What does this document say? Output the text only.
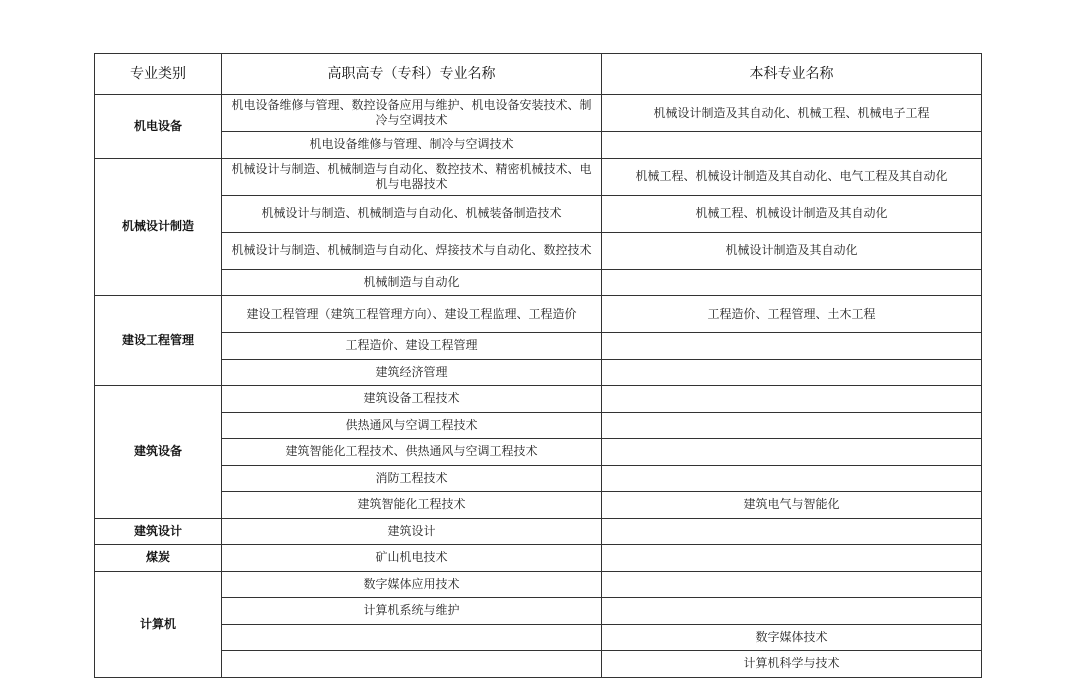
专业类别	高职高专（专科）专业名称	本科专业名称
机电设备	机电设备维修与管理、数控设备应用与维护、机电设备安装技术、制冷与空调技术	机械设计制造及其自动化、机械工程、机械电子工程
	机电设备维修与管理、制冷与空调技术	
机械设计制造	机械设计与制造、机械制造与自动化、数控技术、精密机械技术、电机与电器技术	机械工程、机械设计制造及其自动化、电气工程及其自动化
	机械设计与制造、机械制造与自动化、机械装备制造技术	机械工程、机械设计制造及其自动化
	机械设计与制造、机械制造与自动化、焊接技术与自动化、数控技术	机械设计制造及其自动化
	机械制造与自动化	
建设工程管理	建设工程管理（建筑工程管理方向）、建设工程监理、工程造价	工程造价、工程管理、土木工程
	工程造价、建设工程管理	
	建筑经济管理	
建筑设备	建筑设备工程技术	
	供热通风与空调工程技术	
	建筑智能化工程技术、供热通风与空调工程技术	
	消防工程技术	
	建筑智能化工程技术	建筑电气与智能化
建筑设计	建筑设计	
煤炭	矿山机电技术	
计算机	数字媒体应用技术	
	计算机系统与维护	
		数字媒体技术
		计算机科学与技术
